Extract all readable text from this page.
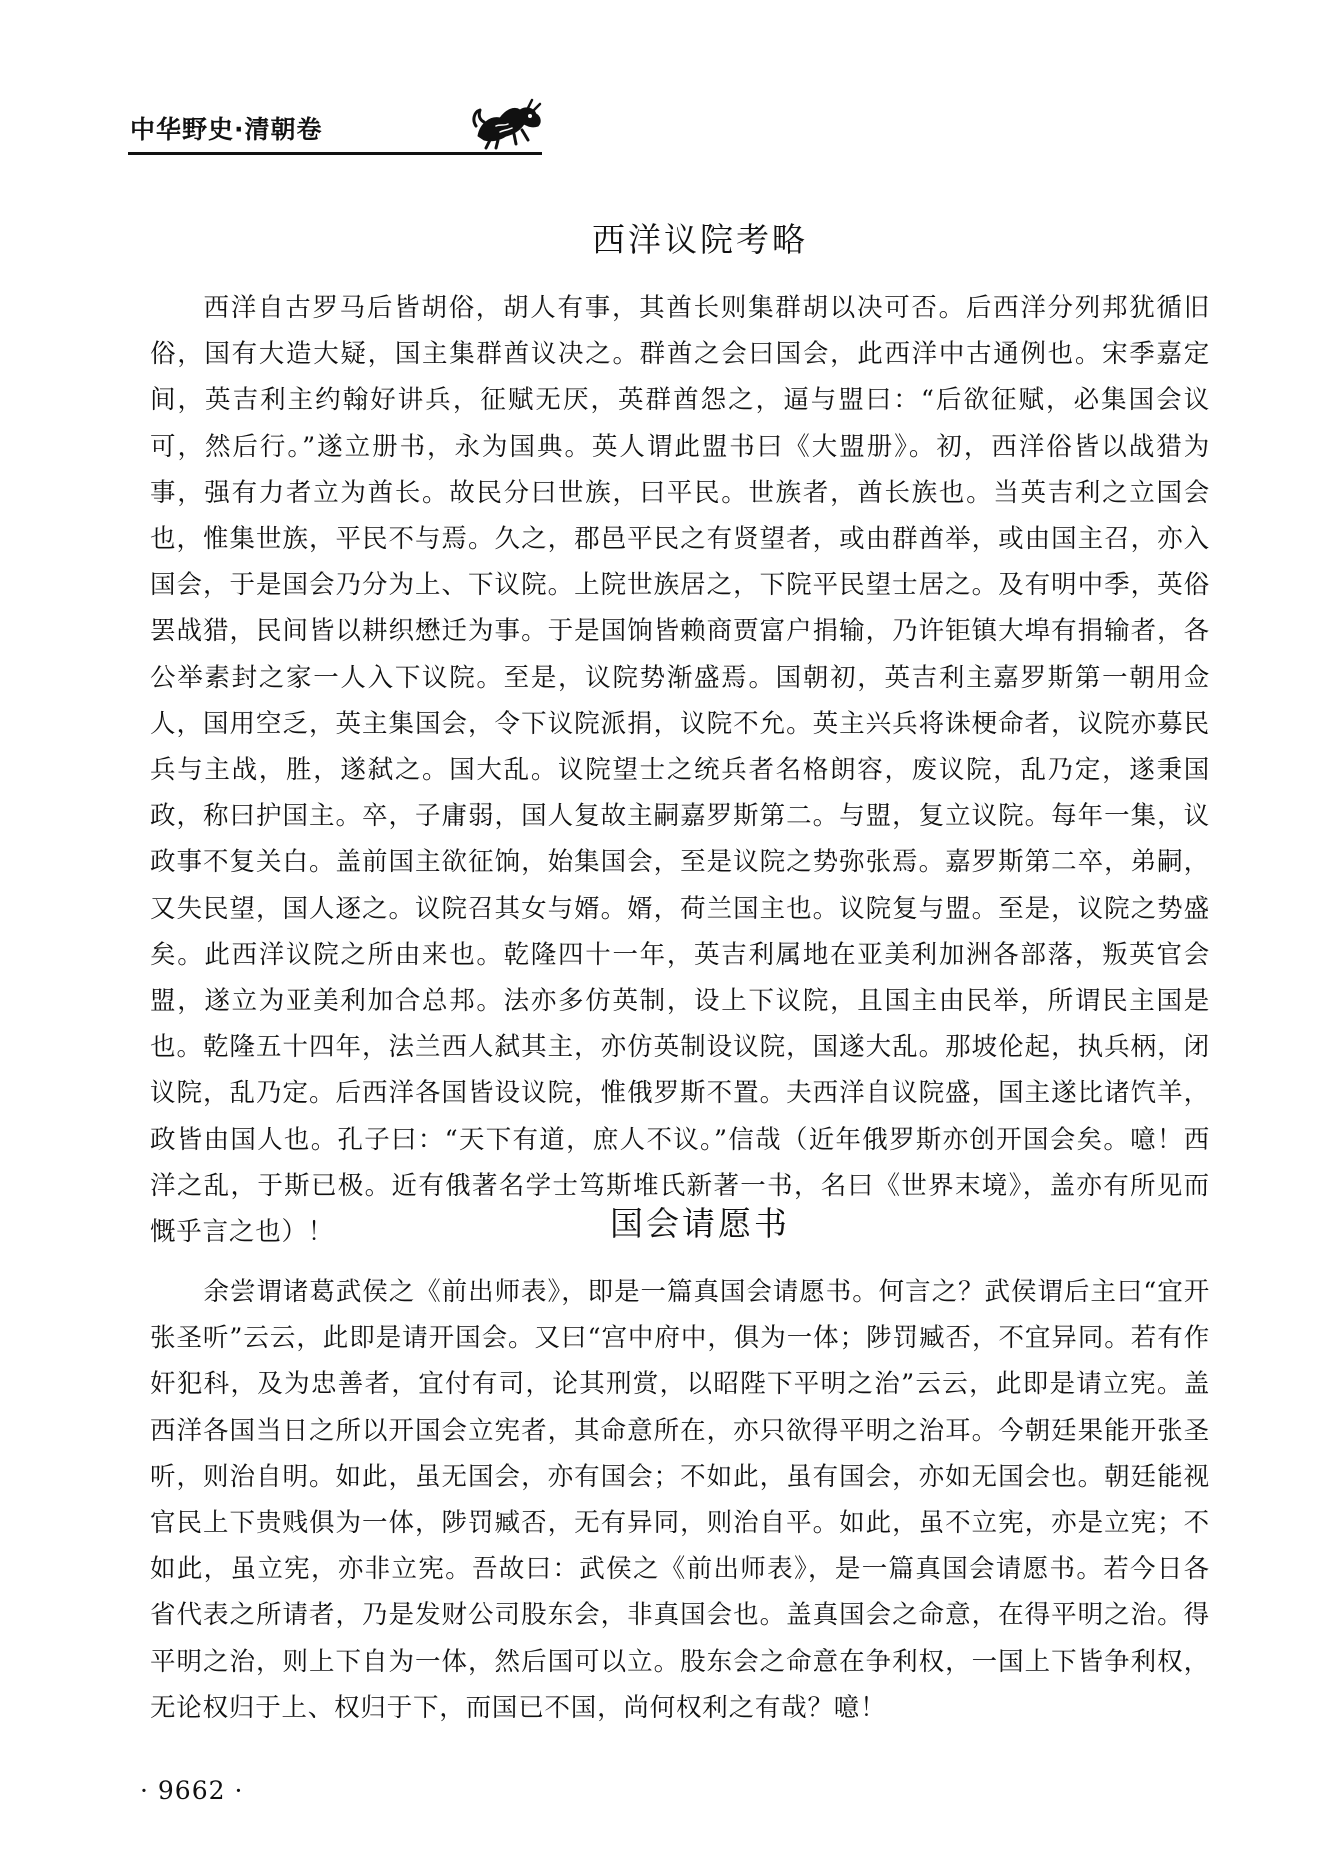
中华野史·清朝卷
西洋议院考略

西洋自古罗马后皆胡俗，胡人有事，其酋长则集群胡以决可否。后西洋分列邦犹循旧俗，国有大造大疑，国主集群酋议决之。群酋之会曰国会，此西洋中古通例也。宋季嘉定间，英吉利主约翰好讲兵，征赋无厌，英群酋怨之，逼与盟曰：“后欲征赋，必集国会议可，然后行。”遂立册书，永为国典。英人谓此盟书曰《大盟册》。初，西洋俗皆以战猎为事，强有力者立为酋长。故民分曰世族，曰平民。世族者，酋长族也。当英吉利之立国会也，惟集世族，平民不与焉。久之，郡邑平民之有贤望者，或由群酋举，或由国主召，亦入国会，于是国会乃分为上、下议院。上院世族居之，下院平民望士居之。及有明中季，英俗罢战猎，民间皆以耕织懋迁为事。于是国饷皆赖商贾富户捐输，乃许钜镇大埠有捐输者，各公举素封之家一人入下议院。至是，议院势渐盛焉。国朝初，英吉利主嘉罗斯第一朝用佥人，国用空乏，英主集国会，令下议院派捐，议院不允。英主兴兵将诛梗命者，议院亦募民兵与主战，胜，遂弑之。国大乱。议院望士之统兵者名格朗容，废议院，乱乃定，遂秉国政，称曰护国主。卒，子庸弱，国人复故主嗣嘉罗斯第二。与盟，复立议院。每年一集，议政事不复关白。盖前国主欲征饷，始集国会，至是议院之势弥张焉。嘉罗斯第二卒，弟嗣，又失民望，国人逐之。议院召其女与婿。婿，荷兰国主也。议院复与盟。至是，议院之势盛矣。此西洋议院之所由来也。乾隆四十一年，英吉利属地在亚美利加洲各部落，叛英官会盟，遂立为亚美利加合总邦。法亦多仿英制，设上下议院，且国主由民举，所谓民主国是也。乾隆五十四年，法兰西人弑其主，亦仿英制设议院，国遂大乱。那坡伦起，执兵柄，闭议院，乱乃定。后西洋各国皆设议院，惟俄罗斯不置。夫西洋自议院盛，国主遂比诸饩羊，政皆由国人也。孔子曰：“天下有道，庶人不议。”信哉（近年俄罗斯亦创开国会矣。噫！西洋之乱，于斯已极。近有俄著名学士笃斯堆氏新著一书，名曰《世界末境》，盖亦有所见而慨乎言之也）！	国会请愿书

余尝谓诸葛武侯之《前出师表》，即是一篇真国会请愿书。何言之？武侯谓后主曰“宜开张圣听”云云，此即是请开国会。又曰“宫中府中，俱为一体；陟罚臧否，不宜异同。若有作奸犯科，及为忠善者，宜付有司，论其刑赏，以昭陛下平明之治”云云，此即是请立宪。盖西洋各国当日之所以开国会立宪者，其命意所在，亦只欲得平明之治耳。今朝廷果能开张圣听，则治自明。如此，虽无国会，亦有国会；不如此，虽有国会，亦如无国会也。朝廷能视官民上下贵贱俱为一体，陟罚臧否，无有异同，则治自平。如此，虽不立宪，亦是立宪；不如此，虽立宪，亦非立宪。吾故曰：武侯之《前出师表》，是一篇真国会请愿书。若今日各省代表之所请者，乃是发财公司股东会，非真国会也。盖真国会之命意，在得平明之治。得平明之治，则上下自为一体，然后国可以立。股东会之命意在争利权，一国上下皆争利权，无论权归于上、权归于下，而国已不国，尚何权利之有哉？噫！

· 9662 ·
